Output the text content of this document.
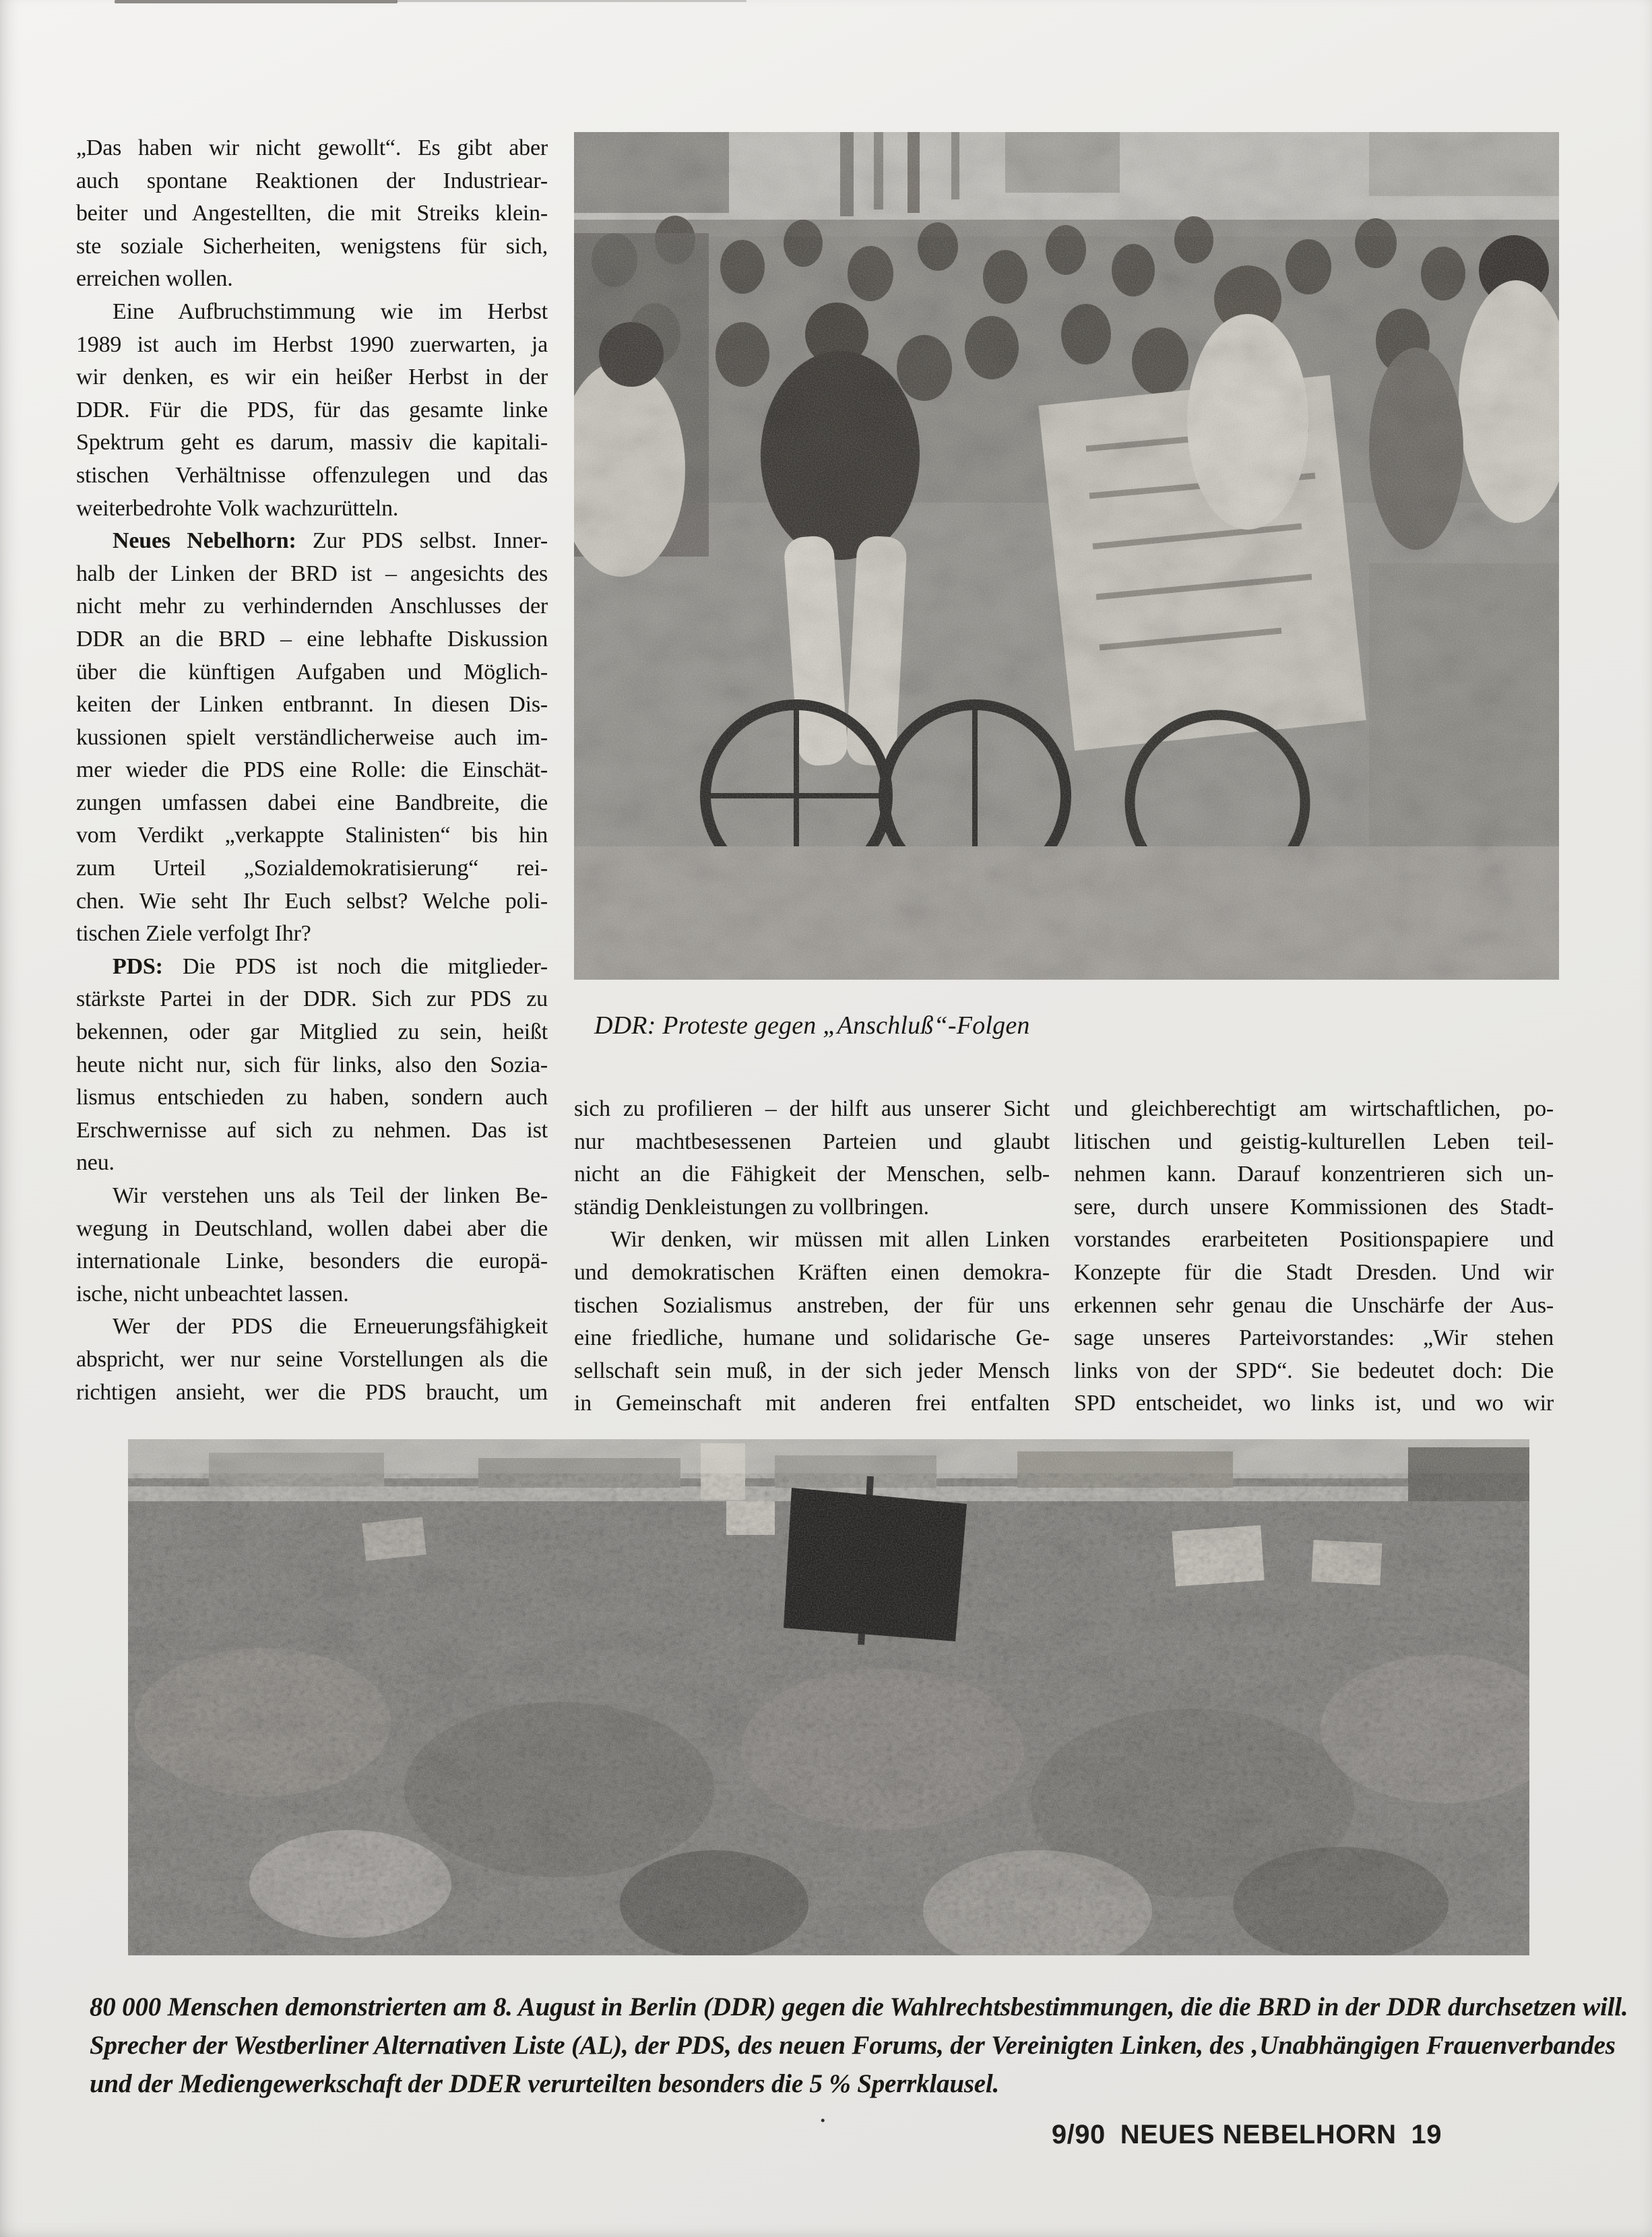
„Das haben wir nicht gewollt“. Es gibt aber
auch spontane Reaktionen der Industriear-
beiter und Angestellten, die mit Streiks klein-
ste soziale Sicherheiten, wenigstens für sich,
erreichen wollen.
Eine Aufbruchstimmung wie im Herbst
1989 ist auch im Herbst 1990 zuerwarten, ja
wir denken, es wir ein heißer Herbst in der
DDR. Für die PDS, für das gesamte linke
Spektrum geht es darum, massiv die kapitali-
stischen Verhältnisse offenzulegen und das
weiterbedrohte Volk wachzurütteln.
Neues Nebelhorn: Zur PDS selbst. Inner-
halb der Linken der BRD ist – angesichts des
nicht mehr zu verhindernden Anschlusses der
DDR an die BRD – eine lebhafte Diskussion
über die künftigen Aufgaben und Möglich-
keiten der Linken entbrannt. In diesen Dis-
kussionen spielt verständlicherweise auch im-
mer wieder die PDS eine Rolle: die Einschät-
zungen umfassen dabei eine Bandbreite, die
vom Verdikt „verkappte Stalinisten“ bis hin
zum Urteil „Sozialdemokratisierung“ rei-
chen. Wie seht Ihr Euch selbst? Welche poli-
tischen Ziele verfolgt Ihr?
PDS: Die PDS ist noch die mitglieder-
stärkste Partei in der DDR. Sich zur PDS zu
bekennen, oder gar Mitglied zu sein, heißt
heute nicht nur, sich für links, also den Sozia-
lismus entschieden zu haben, sondern auch
Erschwernisse auf sich zu nehmen. Das ist
neu.
Wir verstehen uns als Teil der linken Be-
wegung in Deutschland, wollen dabei aber die
internationale Linke, besonders die europä-
ische, nicht unbeachtet lassen.
Wer der PDS die Erneuerungsfähigkeit
abspricht, wer nur seine Vorstellungen als die
richtigen ansieht, wer die PDS braucht, um
DDR: Proteste gegen „Anschluß“-Folgen
sich zu profilieren – der hilft aus unserer Sicht
nur machtbesessenen Parteien und glaubt
nicht an die Fähigkeit der Menschen, selb-
ständig Denkleistungen zu vollbringen.
Wir denken, wir müssen mit allen Linken
und demokratischen Kräften einen demokra-
tischen Sozialismus anstreben, der für uns
eine friedliche, humane und solidarische Ge-
sellschaft sein muß, in der sich jeder Mensch
in Gemeinschaft mit anderen frei entfalten
und gleichberechtigt am wirtschaftlichen, po-
litischen und geistig-kulturellen Leben teil-
nehmen kann. Darauf konzentrieren sich un-
sere, durch unsere Kommissionen des Stadt-
vorstandes erarbeiteten Positionspapiere und
Konzepte für die Stadt Dresden. Und wir
erkennen sehr genau die Unschärfe der Aus-
sage unseres Parteivorstandes: „Wir stehen
links von der SPD“. Sie bedeutet doch: Die
SPD entscheidet, wo links ist, und wo wir
80 000 Menschen demonstrierten am 8. August in Berlin (DDR) gegen die Wahlrechtsbestimmungen, die die BRD in der DDR durchsetzen will.
Sprecher der Westberliner Alternativen Liste (AL), der PDS, des neuen Forums, der Vereinigten Linken, des ‚Unabhängigen Frauenverbandes
und der Mediengewerkschaft der DDER verurteilten besonders die 5 % Sperrklausel.
.
9/90 NEUES NEBELHORN 19
